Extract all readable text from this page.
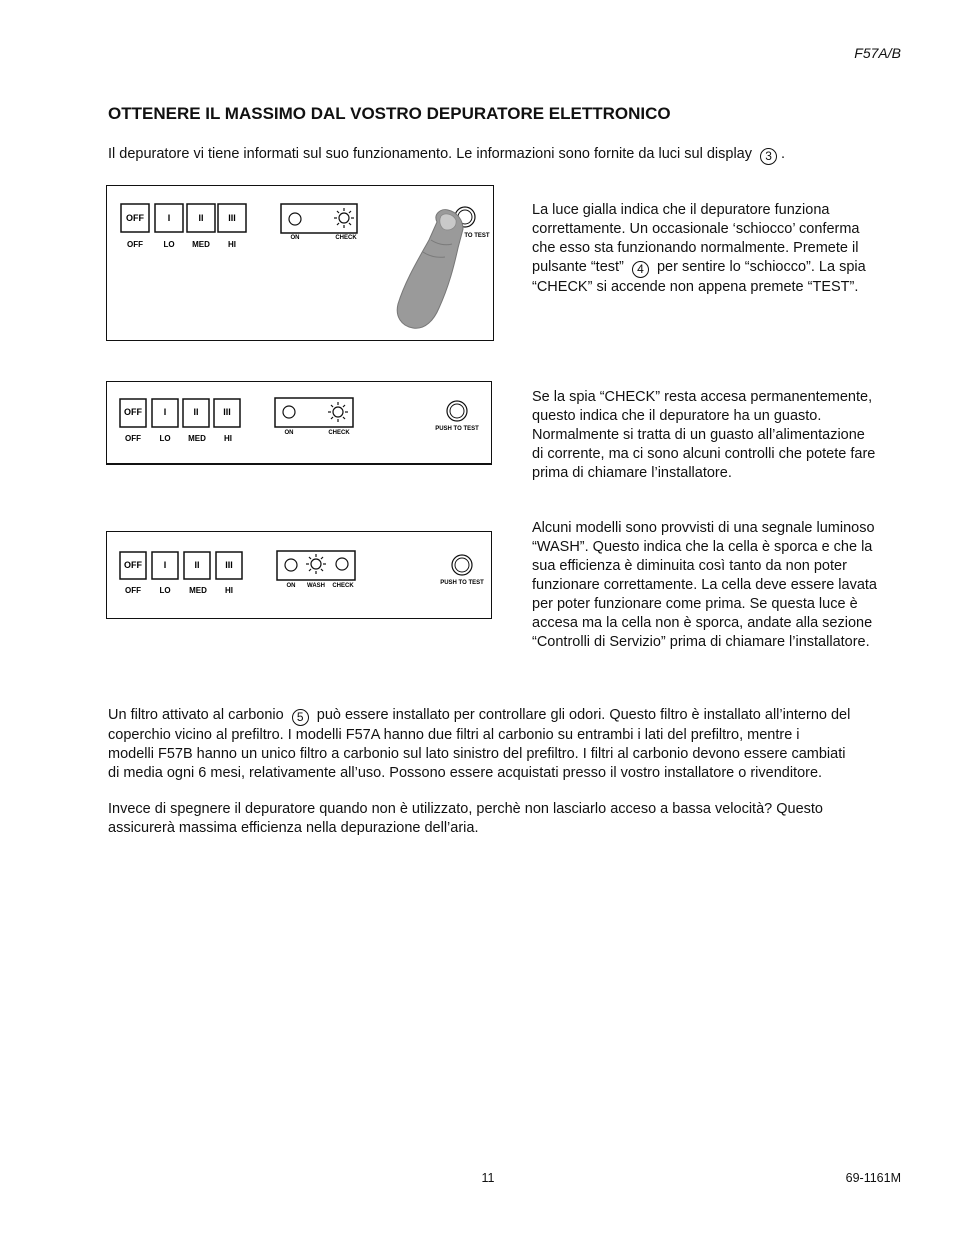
F57A/B
OTTENERE IL MASSIMO DAL VOSTRO DEPURATORE ELETTRONICO
Il depuratore vi tiene informati sul suo funzionamento. Le informazioni sono fornite da luci sul display 3 .
OFF	I	II	III
OFF	LO MED HI
ON	CHECK	TO TEST
La luce gialla indica che il depuratore funziona
correttamente. Un occasionale ‘schiocco’ conferma
che esso sta funzionando normalmente. Premete il
pulsante “test” 4 per sentire lo “schiocco”. La spia
“CHECK” si accende non appena premete “TEST”.
OFF I	II	III
OFF LO MED HI
ON	CHECK
PUSH TO TEST
Se la spia “CHECK” resta accesa permanentemente,
questo indica che il depuratore ha un guasto.
Normalmente si tratta di un guasto all’alimentazione
di corrente, ma ci sono alcuni controlli che potete fare
prima di chiamare l’installatore.
OFF I	II	III
OFF LO MED HI	ON WASH CHECK	PUSH TO TEST
Alcuni modelli sono provvisti di una segnale luminoso
“WASH”. Questo indica che la cella è sporca e che la
sua efficienza è diminuita così tanto da non poter
funzionare correttamente. La cella deve essere lavata
per poter funzionare come prima. Se questa luce è
accesa ma la cella non è sporca, andate alla sezione
“Controlli di Servizio” prima di chiamare l’installatore.
Un filtro attivato al carbonio 5 può essere installato per controllare gli odori. Questo filtro è installato all’interno del
coperchio vicino al prefiltro. I modelli F57A hanno due filtri al carbonio su entrambi i lati del prefiltro, mentre i
modelli F57B hanno un unico filtro a carbonio sul lato sinistro del prefiltro. I filtri al carbonio devono essere cambiati
di media ogni 6 mesi, relativamente all’uso. Possono essere acquistati presso il vostro installatore o rivenditore.
Invece di spegnere il depuratore quando non è utilizzato, perchè non lasciarlo acceso a bassa velocità? Questo
assicurerà massima efficienza nella depurazione dell’aria.
11	69-1161M
